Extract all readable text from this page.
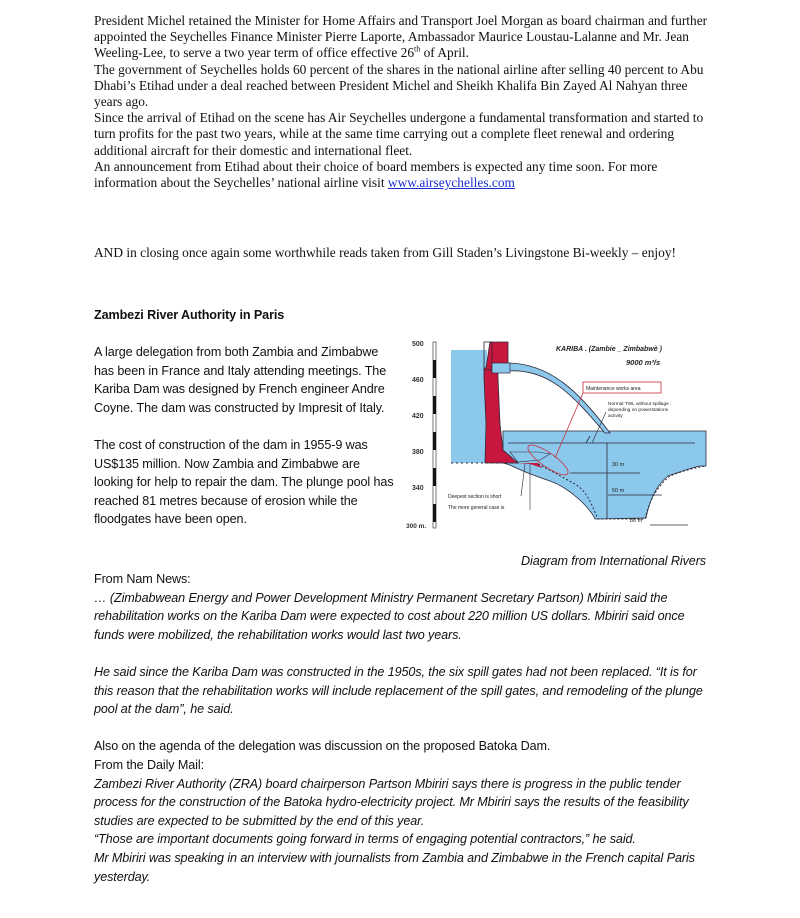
President Michel retained the Minister for Home Affairs and Transport Joel Morgan as board chairman and further appointed the Seychelles Finance Minister Pierre Laporte, Ambassador Maurice Loustau-Lalanne and Mr. Jean Weeling-Lee, to serve a two year term of office effective 26th of April.

The government of Seychelles holds 60 percent of the shares in the national airline after selling 40 percent to Abu Dhabi’s Etihad under a deal reached between President Michel and Sheikh Khalifa Bin Zayed Al Nahyan three years ago.

Since the arrival of Etihad on the scene has Air Seychelles undergone a fundamental transformation and started to turn profits for the past two years, while at the same time carrying out a complete fleet renewal and ordering additional aircraft for their domestic and international fleet.

An announcement from Etihad about their choice of board members is expected any time soon. For more information about the Seychelles’ national airline visit www.airseychelles.com

AND in closing once again some worthwhile reads taken from Gill Staden’s Livingstone Bi-weekly – enjoy!

Zambezi River Authority in Paris

A large delegation from both Zambia and Zimbabwe has been in France and Italy attending meetings. The Kariba Dam was designed by French engineer Andre Coyne. The dam was constructed by Impresit of Italy.

The cost of construction of the dam in 1955-9 was US$135 million. Now Zambia and Zimbabwe are looking for help to repair the dam. The plunge pool has reached 81 metres because of erosion while the floodgates have been open.

500
460
420
380
340
300 m.
30 m
50 m
80 m
KARIBA . (Zambie _ Zimbabwè )
9000 m³/s
Maintenance works area
Normal TWL without spillage :
depending on powerstations
activity
Deepest section is short
The more general case is
Diagram from International Rivers

From Nam News:

… (Zimbabwean Energy and Power Development Ministry Permanent Secretary Partson) Mbiriri said the rehabilitation works on the Kariba Dam were expected to cost about 220 million US dollars. Mbiriri said once funds were mobilized, the rehabilitation works would last two years.

He said since the Kariba Dam was constructed in the 1950s, the six spill gates had not been replaced. “It is for this reason that the rehabilitation works will include replacement of the spill gates, and remodeling of the plunge pool at the dam”, he said.

Also on the agenda of the delegation was discussion on the proposed Batoka Dam.

From the Daily Mail:

Zambezi River Authority (ZRA) board chairperson Partson Mbiriri says there is progress in the public tender process for the construction of the Batoka hydro-electricity project. Mr Mbiriri says the results of the feasibility studies are expected to be submitted by the end of this year.

“Those are important documents going forward in terms of engaging potential contractors,” he said.

Mr Mbiriri was speaking in an interview with journalists from Zambia and Zimbabwe in the French capital Paris yesterday.
